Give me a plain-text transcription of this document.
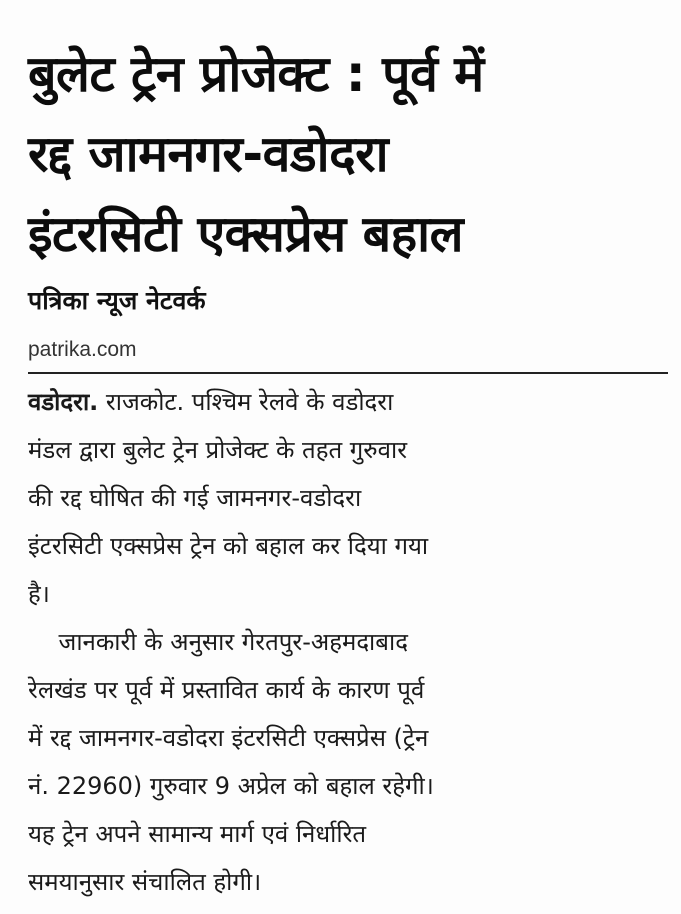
बुलेट ट्रेन प्रोजेक्ट : पूर्व में
रद्द जामनगर-वडोदरा
इंटरसिटी एक्सप्रेस बहाल
पत्रिका न्यूज नेटवर्क
patrika.com
वडोदरा. राजकोट. पश्चिम रेलवे के वडोदरा
मंडल द्वारा बुलेट ट्रेन प्रोजेक्ट के तहत गुरुवार
की रद्द घोषित की गई जामनगर-वडोदरा
इंटरसिटी एक्सप्रेस ट्रेन को बहाल कर दिया गया
है।
जानकारी के अनुसार गेरतपुर-अहमदाबाद
रेलखंड पर पूर्व में प्रस्तावित कार्य के कारण पूर्व
में रद्द जामनगर-वडोदरा इंटरसिटी एक्सप्रेस (ट्रेन
नं. 22960) गुरुवार 9 अप्रेल को बहाल रहेगी।
यह ट्रेन अपने सामान्य मार्ग एवं निर्धारित
समयानुसार संचालित होगी।
